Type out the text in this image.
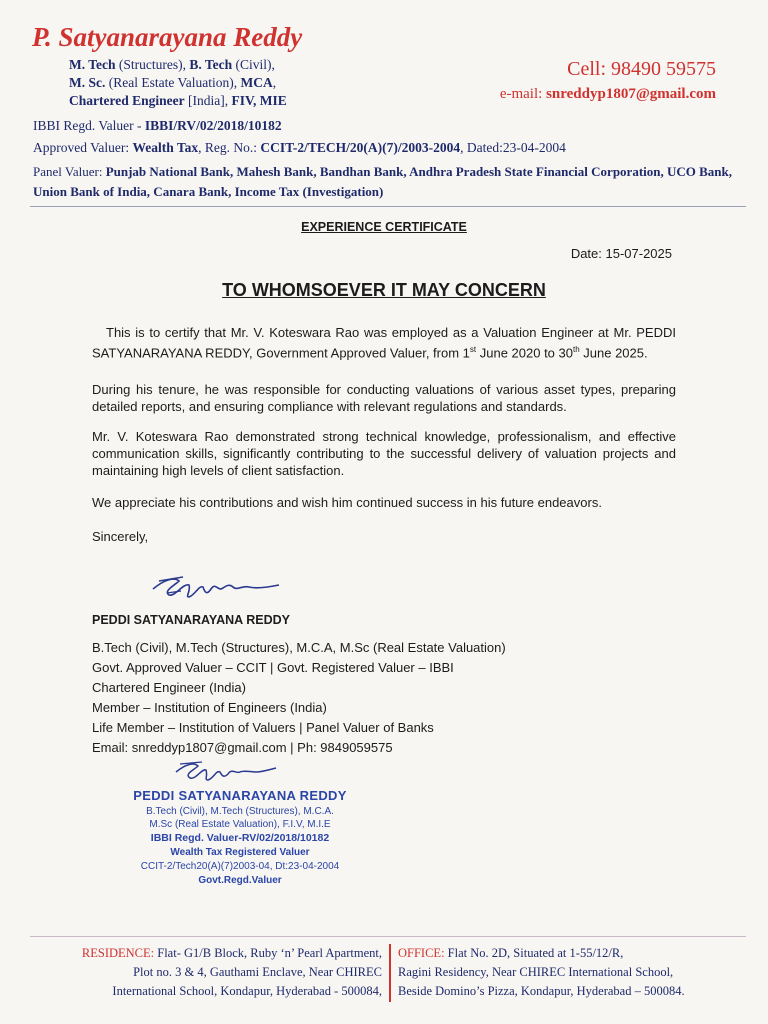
P. Satyanarayana Reddy
M. Tech (Structures), B. Tech (Civil),
M. Sc. (Real Estate Valuation), MCA,
Chartered Engineer [India], FIV, MIE
Cell: 98490 59575
e-mail: snreddyp1807@gmail.com
IBBI Regd. Valuer - IBBI/RV/02/2018/10182
Approved Valuer: Wealth Tax, Reg. No.: CCIT-2/TECH/20(A)(7)/2003-2004, Dated:23-04-2004
Panel Valuer: Punjab National Bank, Mahesh Bank, Bandhan Bank, Andhra Pradesh State Financial Corporation, UCO Bank, Union Bank of India, Canara Bank, Income Tax (Investigation)
EXPERIENCE CERTIFICATE
Date: 15-07-2025
TO WHOMSOEVER IT MAY CONCERN
This is to certify that Mr. V. Koteswara Rao was employed as a Valuation Engineer at Mr. PEDDI SATYANARAYANA REDDY, Government Approved Valuer, from 1st June 2020 to 30th June 2025.
During his tenure, he was responsible for conducting valuations of various asset types, preparing detailed reports, and ensuring compliance with relevant regulations and standards.
Mr. V. Koteswara Rao demonstrated strong technical knowledge, professionalism, and effective communication skills, significantly contributing to the successful delivery of valuation projects and maintaining high levels of client satisfaction.
We appreciate his contributions and wish him continued success in his future endeavors.
Sincerely,
PEDDI SATYANARAYANA REDDY
B.Tech (Civil), M.Tech (Structures), M.C.A, M.Sc (Real Estate Valuation)
Govt. Approved Valuer – CCIT | Govt. Registered Valuer – IBBI
Chartered Engineer (India)
Member – Institution of Engineers (India)
Life Member – Institution of Valuers | Panel Valuer of Banks
Email: snreddyp1807@gmail.com | Ph: 9849059575
PEDDI SATYANARAYANA REDDY
B.Tech (Civil), M.Tech (Structures), M.C.A.
M.Sc (Real Estate Valuation), F.I.V, M.I.E
IBBI Regd. Valuer-RV/02/2018/10182
Wealth Tax Registered Valuer
CCIT-2/Tech20(A)(7)2003-04, Dt:23-04-2004
Govt.Regd.Valuer
RESIDENCE: Flat- G1/B Block, Ruby ‘n’ Pearl Apartment,
Plot no. 3 & 4, Gauthami Enclave, Near CHIREC
International School, Kondapur, Hyderabad - 500084,
OFFICE: Flat No. 2D, Situated at 1-55/12/R,
Ragini Residency, Near CHIREC International School,
Beside Domino’s Pizza, Kondapur, Hyderabad – 500084.
